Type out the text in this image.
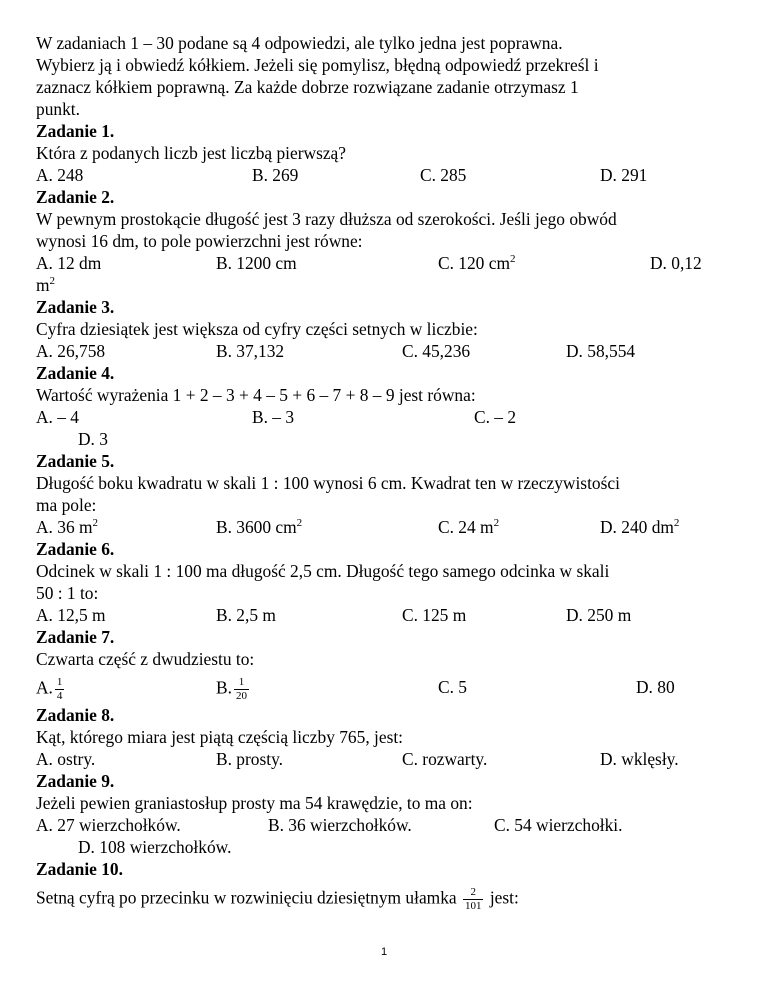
W zadaniach 1 – 30 podane są 4 odpowiedzi, ale tylko jedna jest poprawna.
Wybierz ją i obwiedź kółkiem. Jeżeli się pomylisz, błędną odpowiedź przekreśl i
zaznacz kółkiem poprawną. Za każde dobrze rozwiązane zadanie otrzymasz 1
punkt.
Zadanie 1.
Która z podanych liczb jest liczbą pierwszą?
A. 248	B. 269	C. 285	D. 291
Zadanie 2.
W pewnym prostokącie długość jest 3 razy dłuższa od szerokości. Jeśli jego obwód
wynosi 16 dm, to pole powierzchni jest równe:
A. 12 dm	B. 1200 cm	C. 120 $cm^2$	D. 0,12
$m^2$
Zadanie 3.
Cyfra dziesiątek jest większa od cyfry części setnych w liczbie:
A. 26,758	B. 37,132	C. 45,236	D. 58,554
Zadanie 4.
Wartość wyrażenia 1 + 2 – 3 + 4 – 5 + 6 – 7 + 8 – 9 jest równa:
A. – 4	B. – 3	C. – 2
D. 3
Zadanie 5.
Długość boku kwadratu w skali 1 : 100 wynosi 6 cm. Kwadrat ten w rzeczywistości
ma pole:
A. 36 $m^2$	B. 3600 $cm^2$	C. 24 $m^2$	D. 240 $dm^2$
Zadanie 6.
Odcinek w skali 1 : 100 ma długość 2,5 cm. Długość tego samego odcinka w skali
50 : 1 to:
A. 12,5 m	B. 2,5 m	C. 125 m	D. 250 m
Zadanie 7.
Czwarta część z dwudziestu to:
A. $\frac{1}{4}$	B. $\frac{1}{20}$	C. 5	D. 80
Zadanie 8.
Kąt, którego miara jest piątą częścią liczby 765, jest:
A. ostry.	B. prosty.	C. rozwarty.	D. wklęsły.
Zadanie 9.
Jeżeli pewien graniastosłup prosty ma 54 krawędzie, to ma on:
A. 27 wierzchołków.	B. 36 wierzchołków.	C. 54 wierzchołki.
D. 108 wierzchołków.
Zadanie 10.
Setną cyfrą po przecinku w rozwinięciu dziesiętnym ułamka $\frac{2}{101}$ jest:
1
